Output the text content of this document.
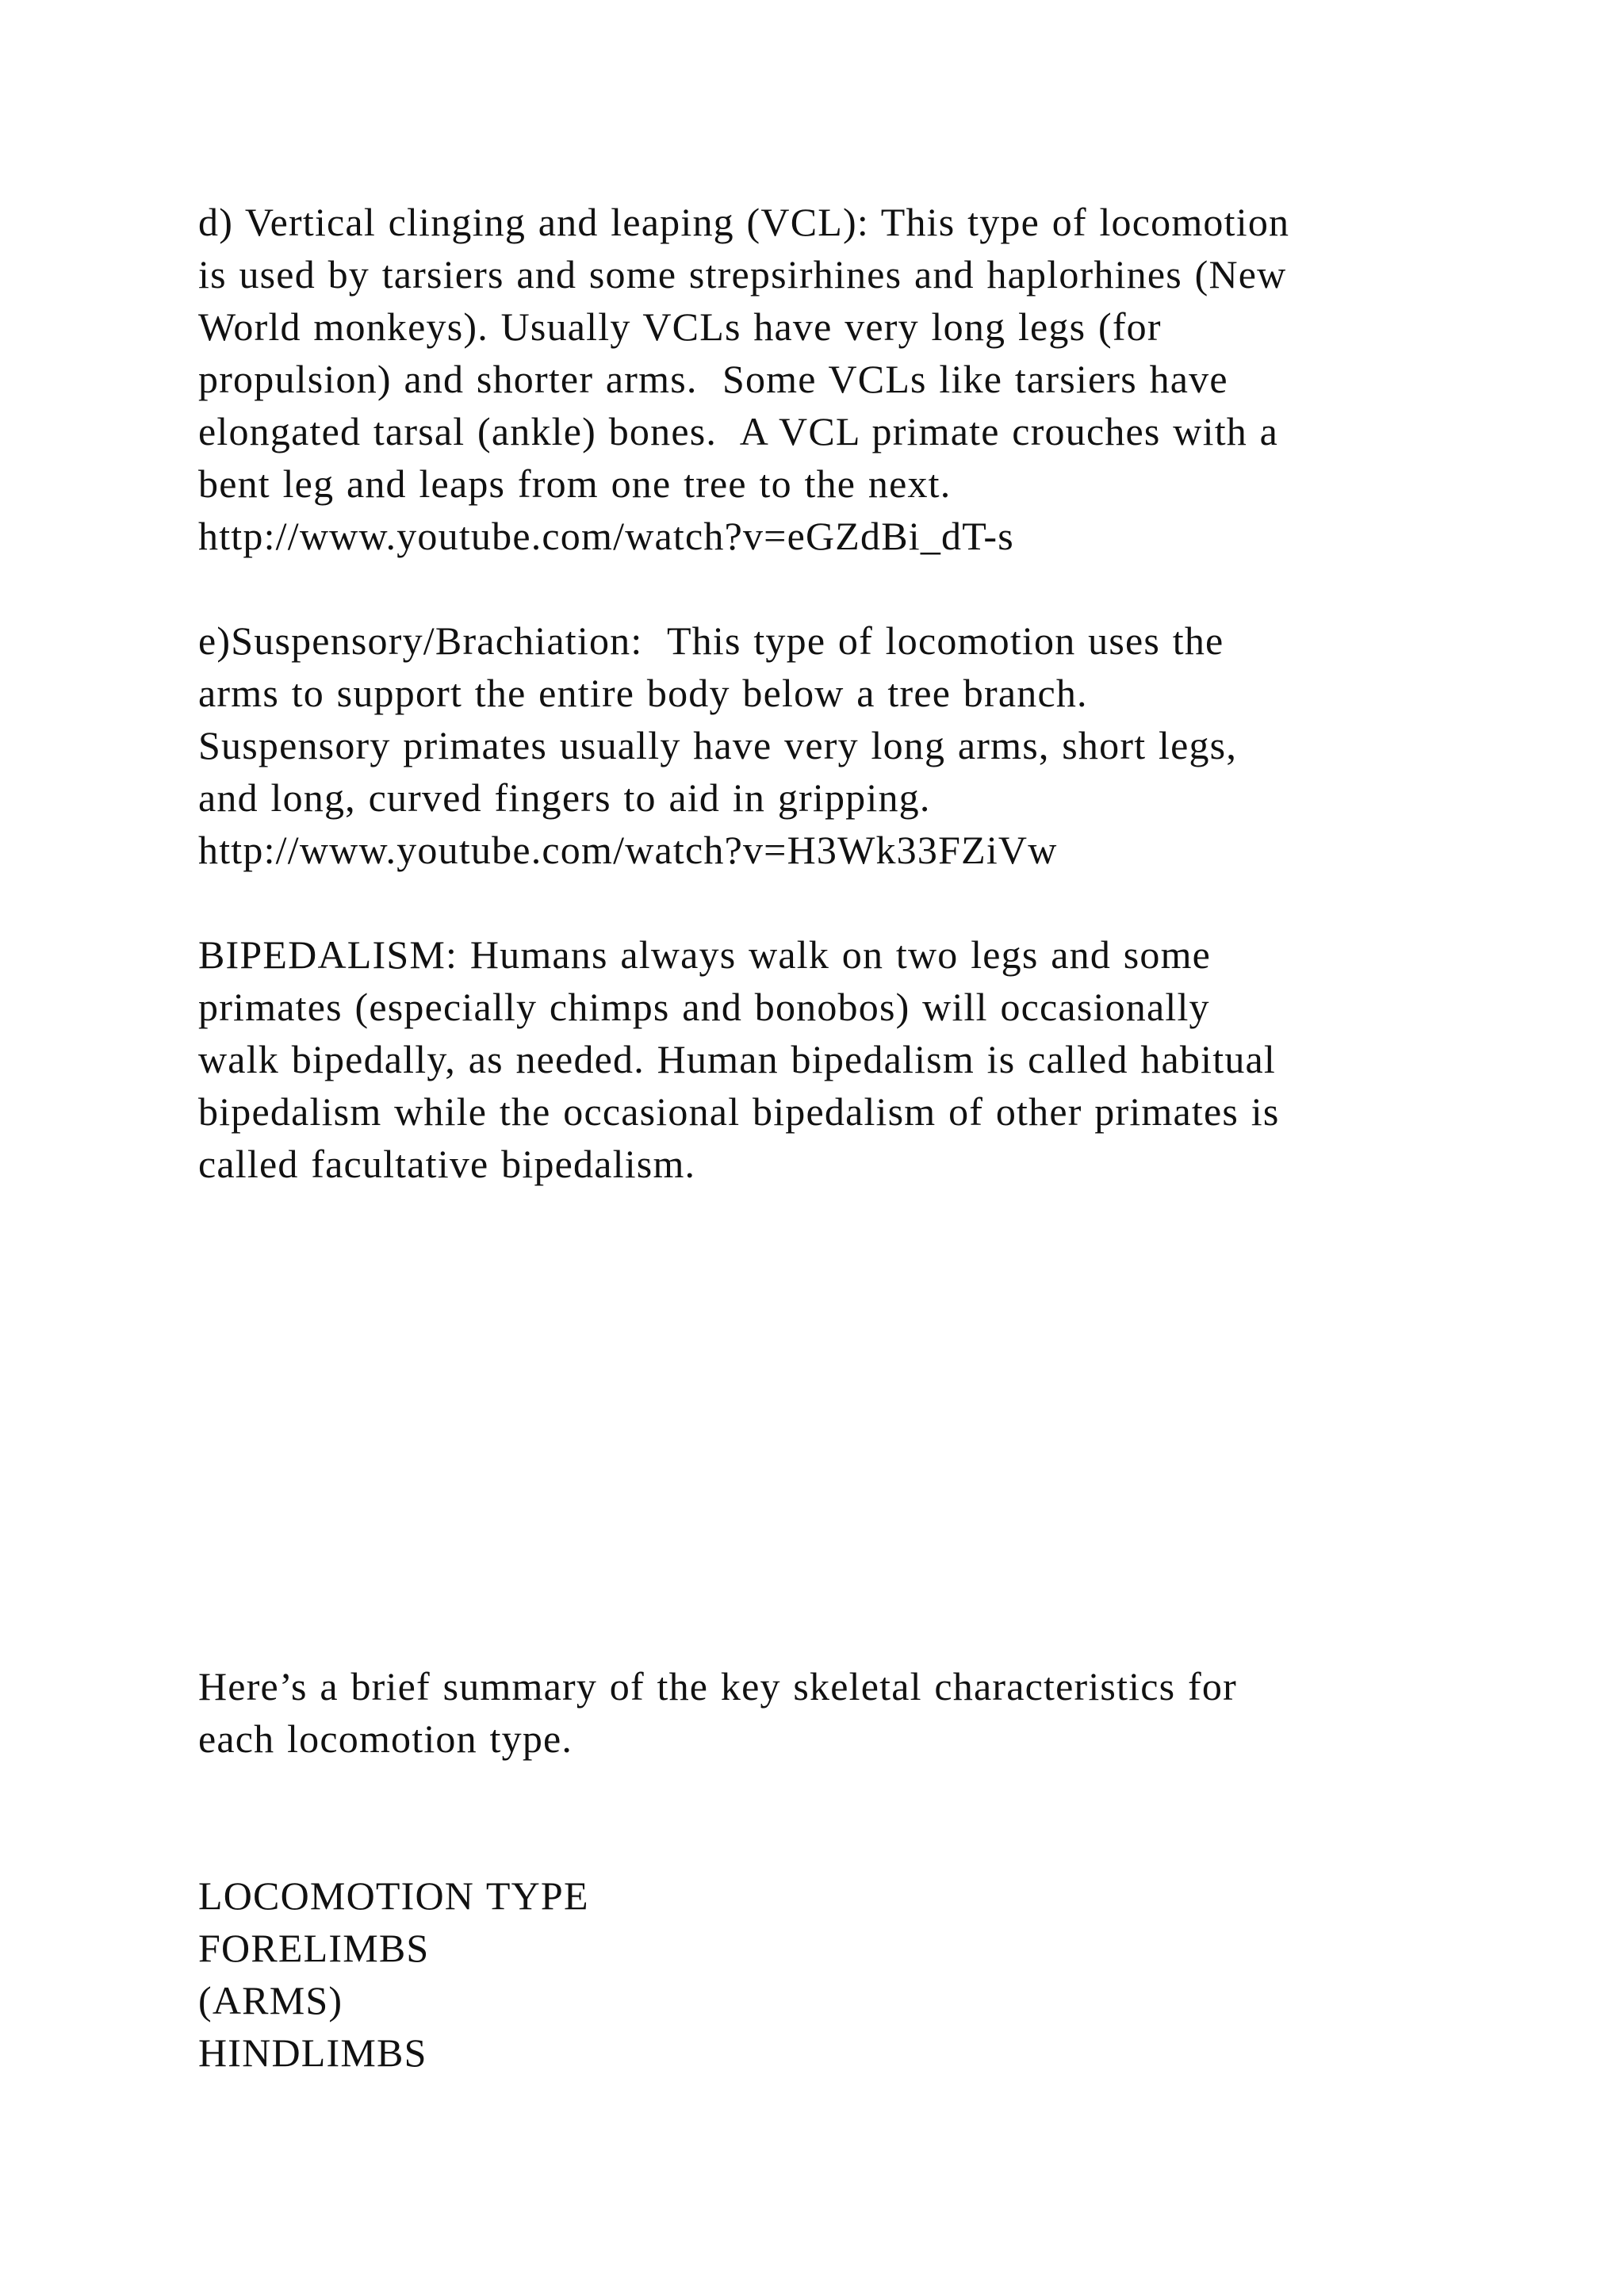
d) Vertical clinging and leaping (VCL): This type of locomotion
is used by tarsiers and some strepsirhines and haplorhines (New
World monkeys). Usually VCLs have very long legs (for
propulsion) and shorter arms.  Some VCLs like tarsiers have
elongated tarsal (ankle) bones.  A VCL primate crouches with a
bent leg and leaps from one tree to the next.
http://www.youtube.com/watch?v=eGZdBi_dT-s
e)Suspensory/Brachiation:  This type of locomotion uses the
arms to support the entire body below a tree branch.
Suspensory primates usually have very long arms, short legs,
and long, curved fingers to aid in gripping.
http://www.youtube.com/watch?v=H3Wk33FZiVw
BIPEDALISM: Humans always walk on two legs and some
primates (especially chimps and bonobos) will occasionally
walk bipedally, as needed. Human bipedalism is called habitual
bipedalism while the occasional bipedalism of other primates is
called facultative bipedalism.
Here’s a brief summary of the key skeletal characteristics for
each locomotion type.
LOCOMOTION TYPE
FORELIMBS
(ARMS)
HINDLIMBS
